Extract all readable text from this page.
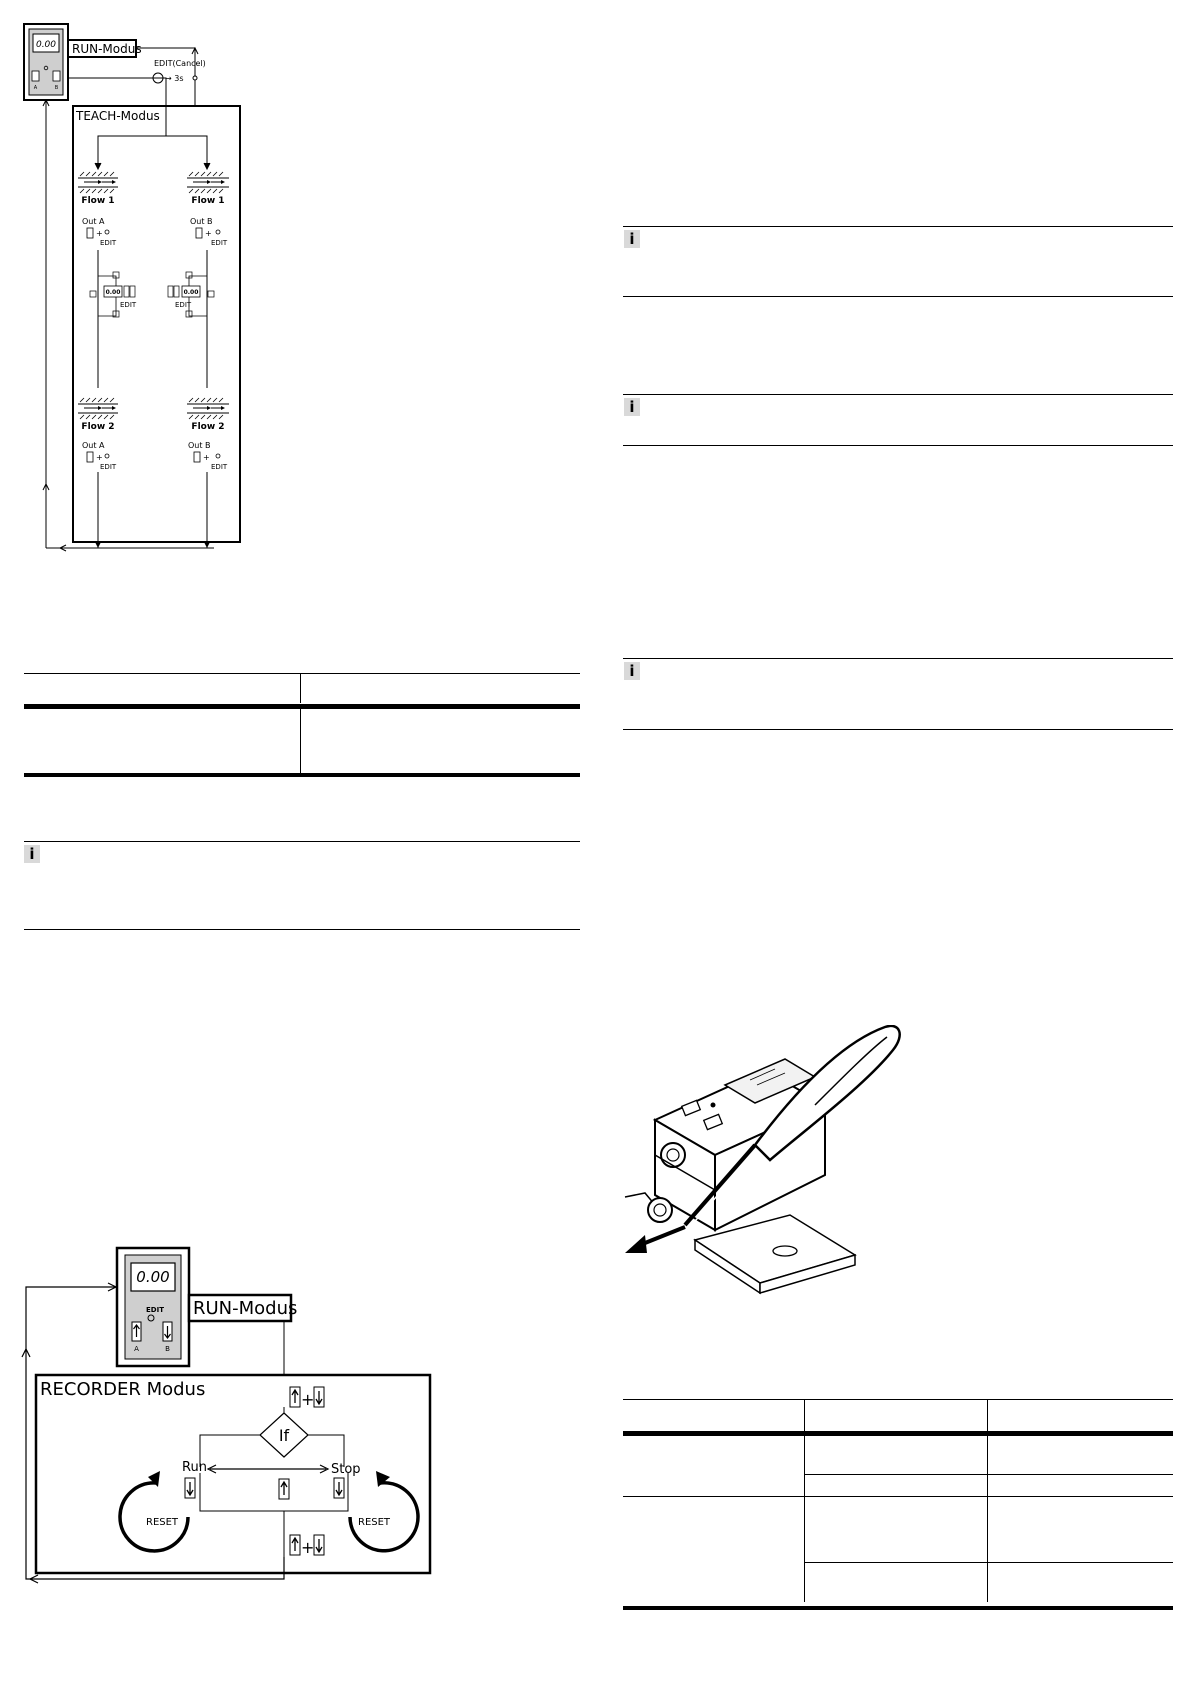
0.00
A	B
RUN-Modus
EDIT(Cancel)
→ 3s
TEACH-Modus
Flow 1	Flow 1
Out A
+
EDIT
Out B
+
EDIT
0.00
EDIT
0.00
EDIT
Flow 2	Flow 2
Out A
+
EDIT
Out B
+
EDIT

i
0.00
EDIT
A	B
RUN-Modus
RECORDER Modus	+
If
Run	Stop
RESET	RESET
+
i
i
i
